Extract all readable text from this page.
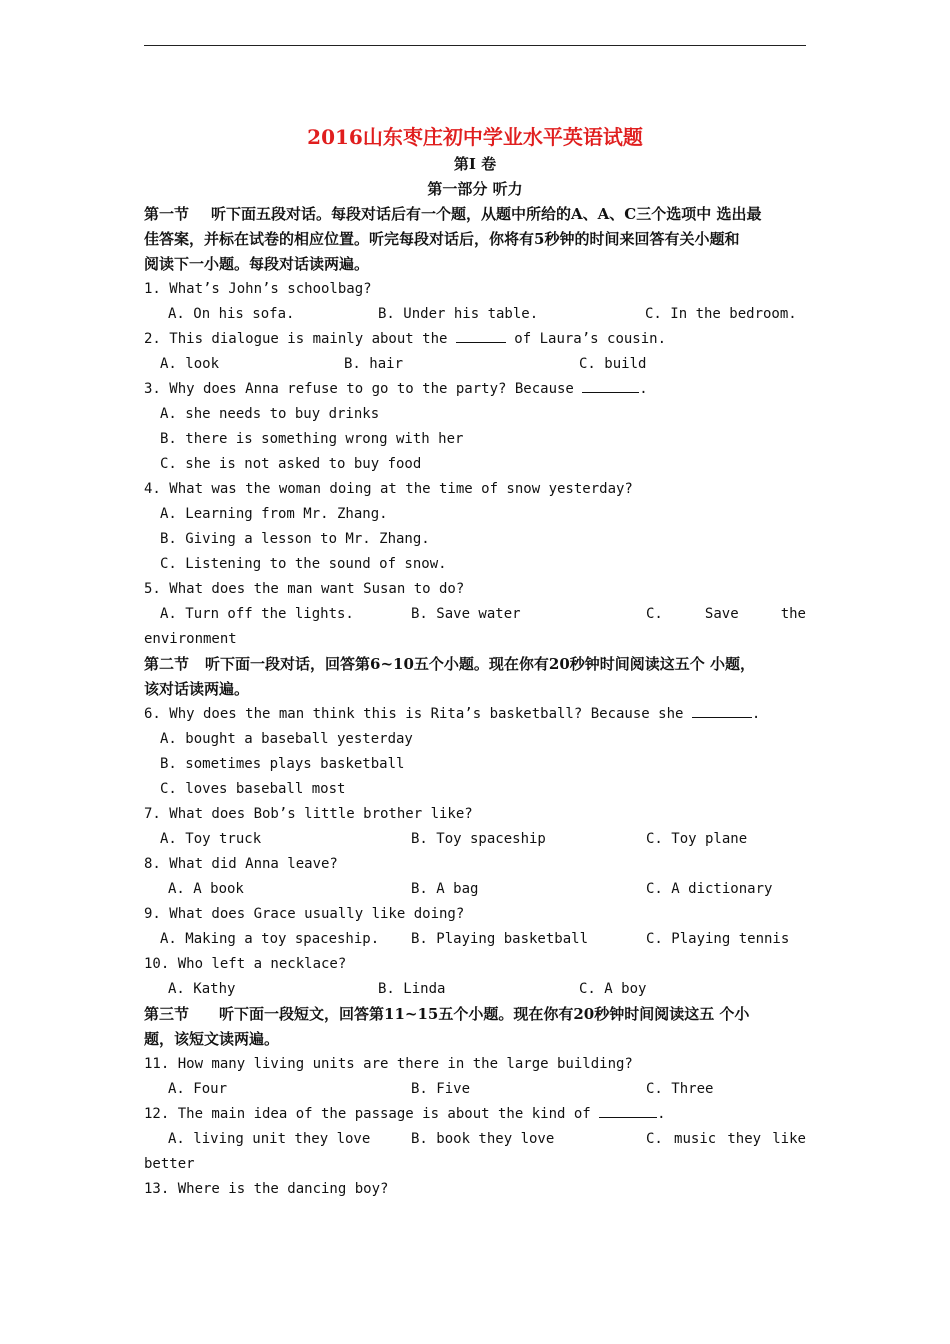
2016山东枣庄初中学业水平英语试题
第I 卷
第一部分 听力
第一节 听下面五段对话。每段对话后有一个题，从题中所给的A、A、C三个选项中 选出最
佳答案，并标在试卷的相应位置。听完每段对话后，你将有5秒钟的时间来回答有关小题和
阅读下一小题。每段对话读两遍。
1. What’s John’s schoolbag?
A. On his sofa.	B. Under his table.	C. In the bedroom.
2. This dialogue is mainly about the	of Laura’s cousin.
A. look	B. hair	C. build
3. Why does Anna refuse to go to the party? Because	.
A. she needs to buy drinks
B. there is something wrong with her
C. she is not asked to buy food
4. What was the woman doing at the time of snow yesterday?
A. Learning from Mr. Zhang.
B. Giving a lesson to Mr. Zhang.
C. Listening to the sound of snow.
5. What does the man want Susan to do?
A. Turn off the lights.	B. Save water	C.	Save	the
environment
第二节 听下面一段对话，回答第6~10五个小题。现在你有20秒钟时间阅读这五个 小题，
该对话读两遍。
6. Why does the man think this is Rita’s basketball? Because she	.
A. bought a baseball yesterday
B. sometimes plays basketball
C. loves baseball most
7. What does Bob’s little brother like?
A. Toy truck	B. Toy spaceship	C. Toy plane
8. What did Anna leave?
A. A book	B. A bag	C. A dictionary
9. What does Grace usually like doing?
A. Making a toy spaceship.	B. Playing basketball	C. Playing tennis
10. Who left a necklace?
A. Kathy	B. Linda	C. A boy
第三节 听下面一段短文，回答第11~15五个小题。现在你有20秒钟时间阅读这五 个小
题，该短文读两遍。
11. How many living units are there in the large building?
A. Four	B. Five	C. Three
12. The main idea of the passage is about the kind of	.
A. living unit they love	B. book they love	C. music they like
better
13. Where is the dancing boy?
